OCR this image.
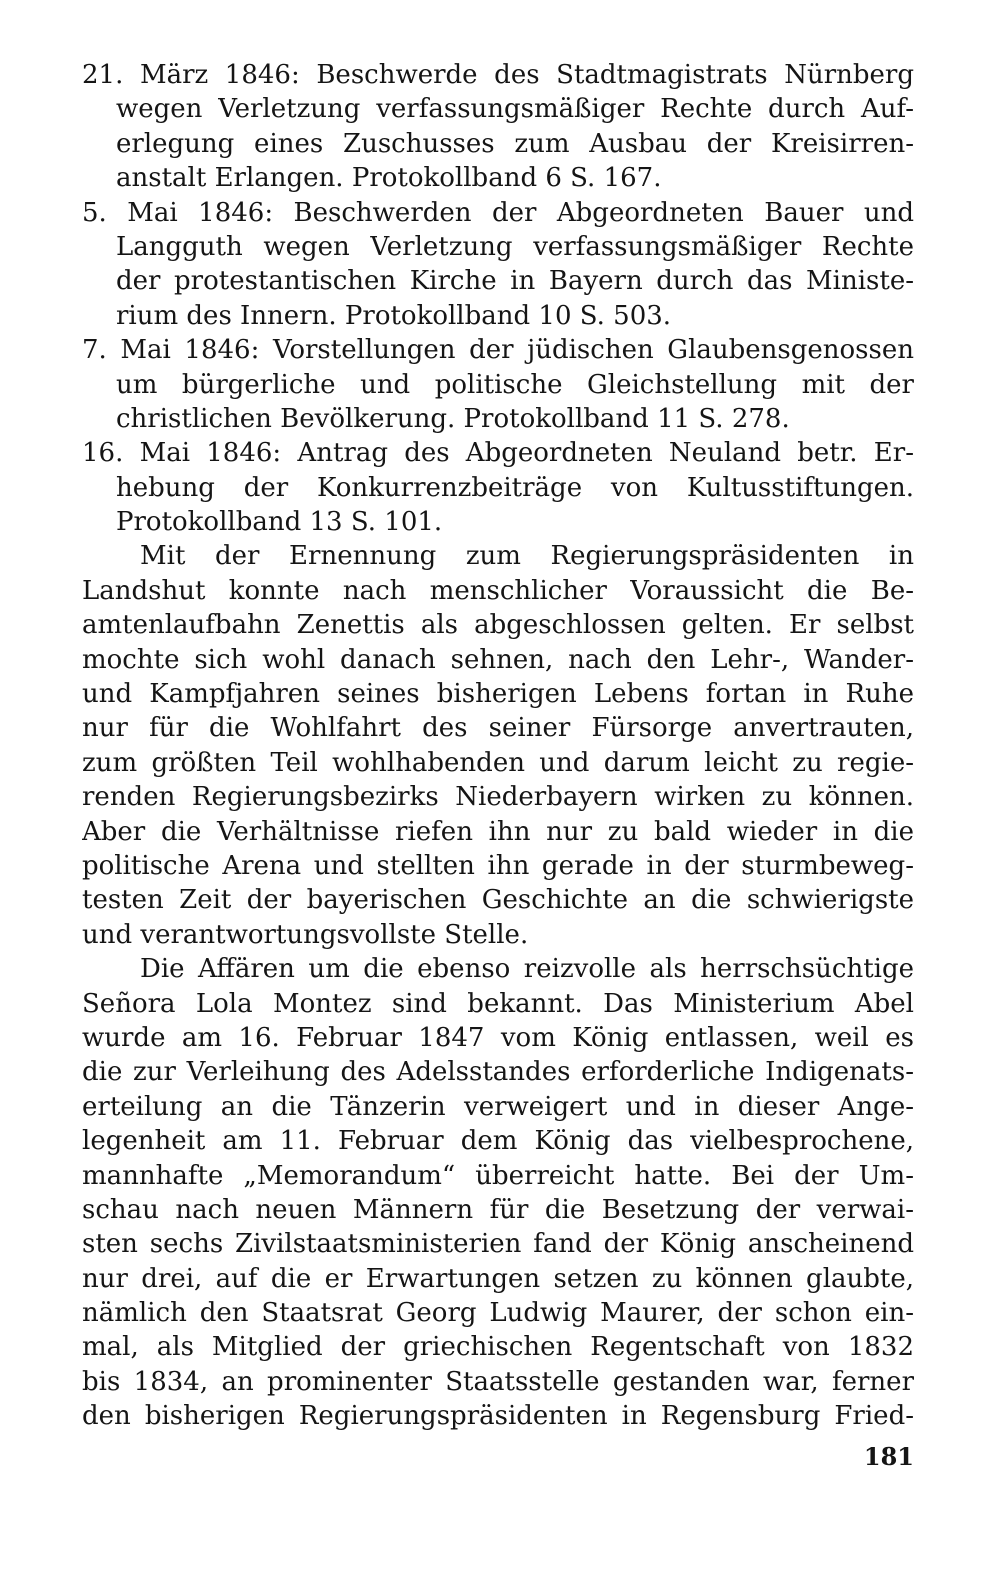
21. März 1846: Beschwerde des Stadtmagistrats Nürnberg
wegen Verletzung verfassungsmäßiger Rechte durch Auf-
erlegung eines Zuschusses zum Ausbau der Kreisirren-
anstalt Erlangen. Protokollband 6 S. 167.
5. Mai 1846: Beschwerden der Abgeordneten Bauer und
Langguth wegen Verletzung verfassungsmäßiger Rechte
der protestantischen Kirche in Bayern durch das Ministe-
rium des Innern. Protokollband 10 S. 503.
7. Mai 1846: Vorstellungen der jüdischen Glaubensgenossen
um bürgerliche und politische Gleichstellung mit der
christlichen Bevölkerung. Protokollband 11 S. 278.
16. Mai 1846: Antrag des Abgeordneten Neuland betr. Er-
hebung der Konkurrenzbeiträge von Kultusstiftungen.
Protokollband 13 S. 101.
Mit der Ernennung zum Regierungspräsidenten in
Landshut konnte nach menschlicher Voraussicht die Be-
amtenlaufbahn Zenettis als abgeschlossen gelten. Er selbst
mochte sich wohl danach sehnen, nach den Lehr-, Wander-
und Kampfjahren seines bisherigen Lebens fortan in Ruhe
nur für die Wohlfahrt des seiner Fürsorge anvertrauten,
zum größten Teil wohlhabenden und darum leicht zu regie-
renden Regierungsbezirks Niederbayern wirken zu können.
Aber die Verhältnisse riefen ihn nur zu bald wieder in die
politische Arena und stellten ihn gerade in der sturmbeweg-
testen Zeit der bayerischen Geschichte an die schwierigste
und verantwortungsvollste Stelle.
Die Affären um die ebenso reizvolle als herrschsüchtige
Señora Lola Montez sind bekannt. Das Ministerium Abel
wurde am 16. Februar 1847 vom König entlassen, weil es
die zur Verleihung des Adelsstandes erforderliche Indigenats-
erteilung an die Tänzerin verweigert und in dieser Ange-
legenheit am 11. Februar dem König das vielbesprochene,
mannhafte „Memorandum“ überreicht hatte. Bei der Um-
schau nach neuen Männern für die Besetzung der verwai-
sten sechs Zivilstaatsministerien fand der König anscheinend
nur drei, auf die er Erwartungen setzen zu können glaubte,
nämlich den Staatsrat Georg Ludwig Maurer, der schon ein-
mal, als Mitglied der griechischen Regentschaft von 1832
bis 1834, an prominenter Staatsstelle gestanden war, ferner
den bisherigen Regierungspräsidenten in Regensburg Fried-
181
